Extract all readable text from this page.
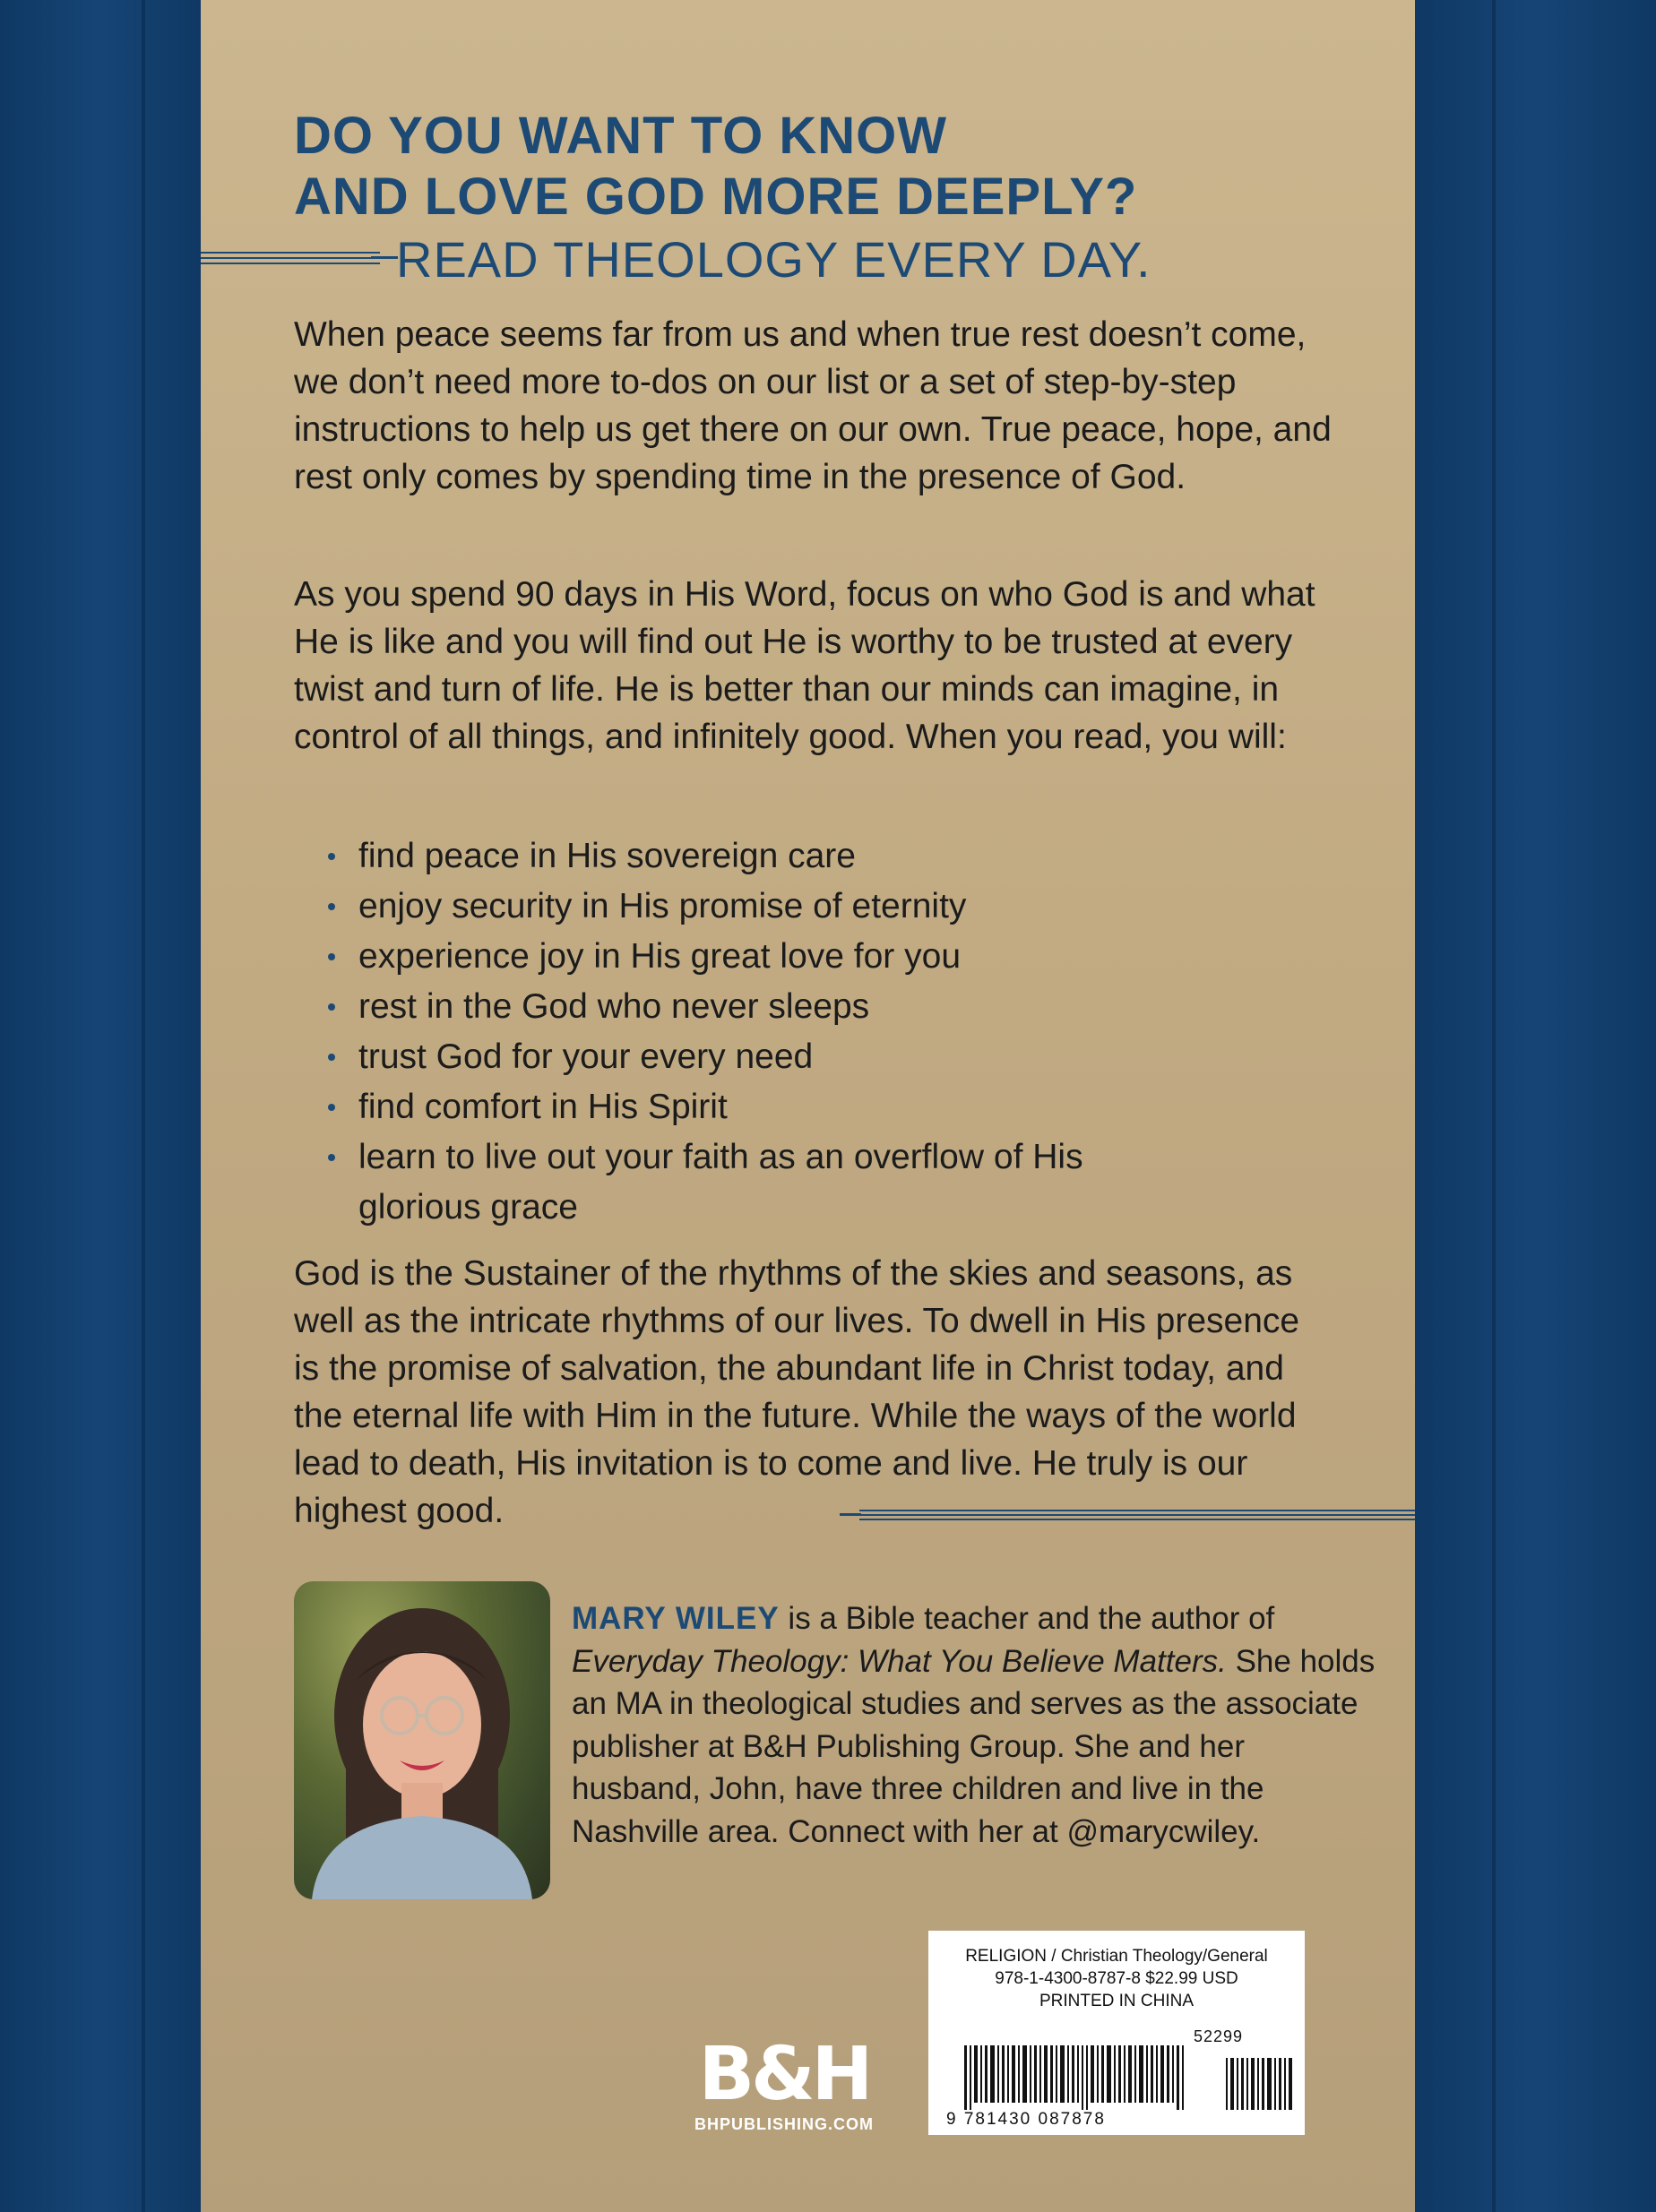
DO YOU WANT TO KNOW
AND LOVE GOD MORE DEEPLY?
READ THEOLOGY EVERY DAY.
When peace seems far from us and when true rest doesn’t come, we don’t need more to-dos on our list or a set of step-by-step instructions to help us get there on our own. True peace, hope, and rest only comes by spending time in the presence of God.
As you spend 90 days in His Word, focus on who God is and what He is like and you will find out He is worthy to be trusted at every twist and turn of life. He is better than our minds can imagine, in control of all things, and infinitely good. When you read, you will:
find peace in His sovereign care
enjoy security in His promise of eternity
experience joy in His great love for you
rest in the God who never sleeps
trust God for your every need
find comfort in His Spirit
learn to live out your faith as an overflow of His glorious grace
God is the Sustainer of the rhythms of the skies and seasons, as well as the intricate rhythms of our lives. To dwell in His presence is the promise of salvation, the abundant life in Christ today, and the eternal life with Him in the future. While the ways of the world lead to death, His invitation is to come and live. He truly is our highest good.
MARY WILEY is a Bible teacher and the author of Everyday Theology: What You Believe Matters. She holds an MA in theological studies and serves as the associate publisher at B&H Publishing Group. She and her husband, John, have three children and live in the Nashville area. Connect with her at @marycwiley.
B&H
BHPUBLISHING.COM
RELIGION / Christian Theology/General
978-1-4300-8787-8 $22.99 USD
PRINTED IN CHINA
52299
9 781430 087878
